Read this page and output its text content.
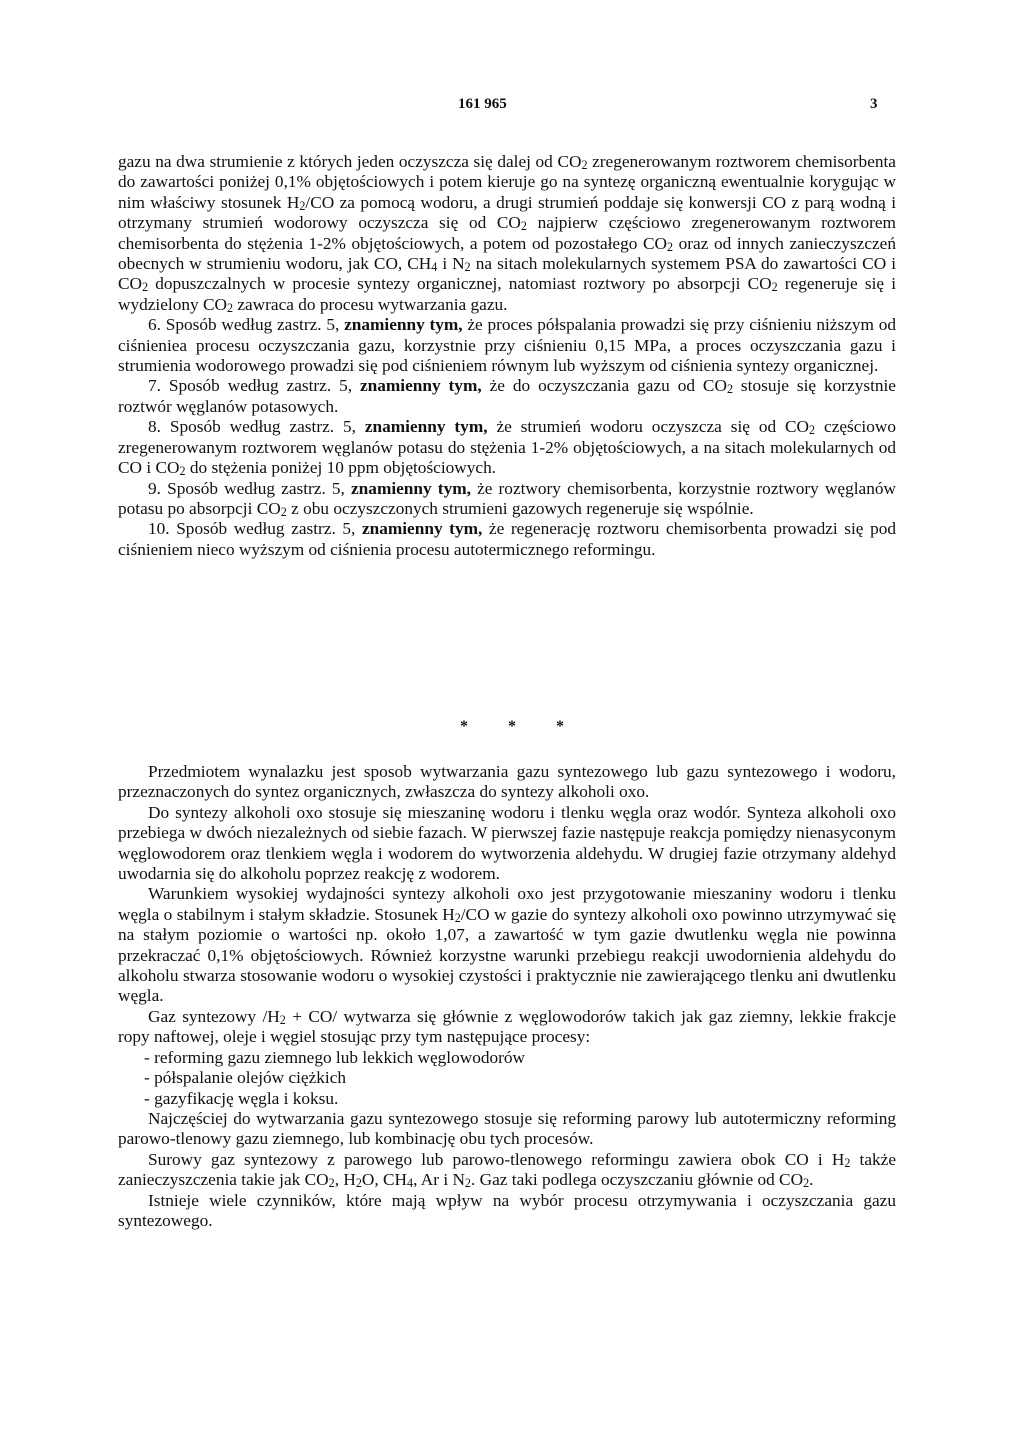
161 965	3

gazu na dwa strumienie z których jeden oczyszcza się dalej od $CO_2$ zregenerowanym roztworem chemisorbenta do zawartości poniżej 0,1% objętościowych i potem kieruje go na syntezę organiczną ewentualnie korygując w nim właściwy stosunek $H_2/CO$ za pomocą wodoru, a drugi strumień poddaje się konwersji CO z parą wodną i otrzymany strumień wodorowy oczyszcza się od $CO_2$ najpierw częściowo zregenerowanym roztworem chemisorbenta do stężenia 1-2% objętościowych, a potem od pozostałego $CO_2$ oraz od innych zanieczyszczeń obecnych w strumieniu wodoru, jak CO, $CH_4$ i $N_2$ na sitach molekularnych systemem PSA do zawartości CO i $CO_2$ dopuszczalnych w procesie syntezy organicznej, natomiast roztwory po absorpcji $CO_2$ regeneruje się i wydzielony $CO_2$ zawraca do procesu wytwarzania gazu.

6. Sposób według zastrz. 5, znamienny tym, że proces półspalania prowadzi się przy ciśnieniu niższym od ciśnieniea procesu oczyszczania gazu, korzystnie przy ciśnieniu 0,15 MPa, a proces oczyszczania gazu i strumienia wodorowego prowadzi się pod ciśnieniem równym lub wyższym od ciśnienia syntezy organicznej.

7. Sposób według zastrz. 5, znamienny tym, że do oczyszczania gazu od $CO_2$ stosuje się korzystnie roztwór węglanów potasowych.

8. Sposób według zastrz. 5, znamienny tym, że strumień wodoru oczyszcza się od $CO_2$ częściowo zregenerowanym roztworem węglanów potasu do stężenia 1-2% objętościowych, a na sitach molekularnych od CO i $CO_2$ do stężenia poniżej 10 ppm objętościowych.

9. Sposób według zastrz. 5, znamienny tym, że roztwory chemisorbenta, korzystnie roztwory węglanów potasu po absorpcji $CO_2$ z obu oczyszczonych strumieni gazowych regeneruje się wspólnie.

10. Sposób według zastrz. 5, znamienny tym, że regenerację roztworu chemisorbenta prowadzi się pod ciśnieniem nieco wyższym od ciśnienia procesu autotermicznego reformingu.

* * *

Przedmiotem wynalazku jest sposob wytwarzania gazu syntezowego lub gazu syntezowego i wodoru, przeznaczonych do syntez organicznych, zwłaszcza do syntezy alkoholi oxo.

Do syntezy alkoholi oxo stosuje się mieszaninę wodoru i tlenku węgla oraz wodór. Synteza alkoholi oxo przebiega w dwóch niezależnych od siebie fazach. W pierwszej fazie następuje reakcja pomiędzy nienasyconym węglowodorem oraz tlenkiem węgla i wodorem do wytworzenia aldehydu. W drugiej fazie otrzymany aldehyd uwodarnia się do alkoholu poprzez reakcję z wodorem.

Warunkiem wysokiej wydajności syntezy alkoholi oxo jest przygotowanie mieszaniny wodoru i tlenku węgla o stabilnym i stałym składzie. Stosunek $H_2/CO$ w gazie do syntezy alkoholi oxo powinno utrzymywać się na stałym poziomie o wartości np. około 1,07, a zawartość w tym gazie dwutlenku węgla nie powinna przekraczać 0,1% objętościowych. Również korzystne warunki przebiegu reakcji uwodornienia aldehydu do alkoholu stwarza stosowanie wodoru o wysokiej czystości i praktycznie nie zawierającego tlenku ani dwutlenku węgla.

Gaz syntezowy $/H_2 + CO/$ wytwarza się głównie z węglowodorów takich jak gaz ziemny, lekkie frakcje ropy naftowej, oleje i węgiel stosując przy tym następujące procesy:

- reforming gazu ziemnego lub lekkich węglowodorów

- półspalanie olejów ciężkich

- gazyfikację węgla i koksu.

Najczęściej do wytwarzania gazu syntezowego stosuje się reforming parowy lub autotermiczny reforming parowo-tlenowy gazu ziemnego, lub kombinację obu tych procesów.

Surowy gaz syntezowy z parowego lub parowo-tlenowego reformingu zawiera obok CO i $H_2$ także zanieczyszczenia takie jak $CO_2$, $H_2O$, $CH_4$, Ar i $N_2$. Gaz taki podlega oczyszczaniu głównie od $CO_2$.

Istnieje wiele czynników, które mają wpływ na wybór procesu otrzymywania i oczyszczania gazu syntezowego.
